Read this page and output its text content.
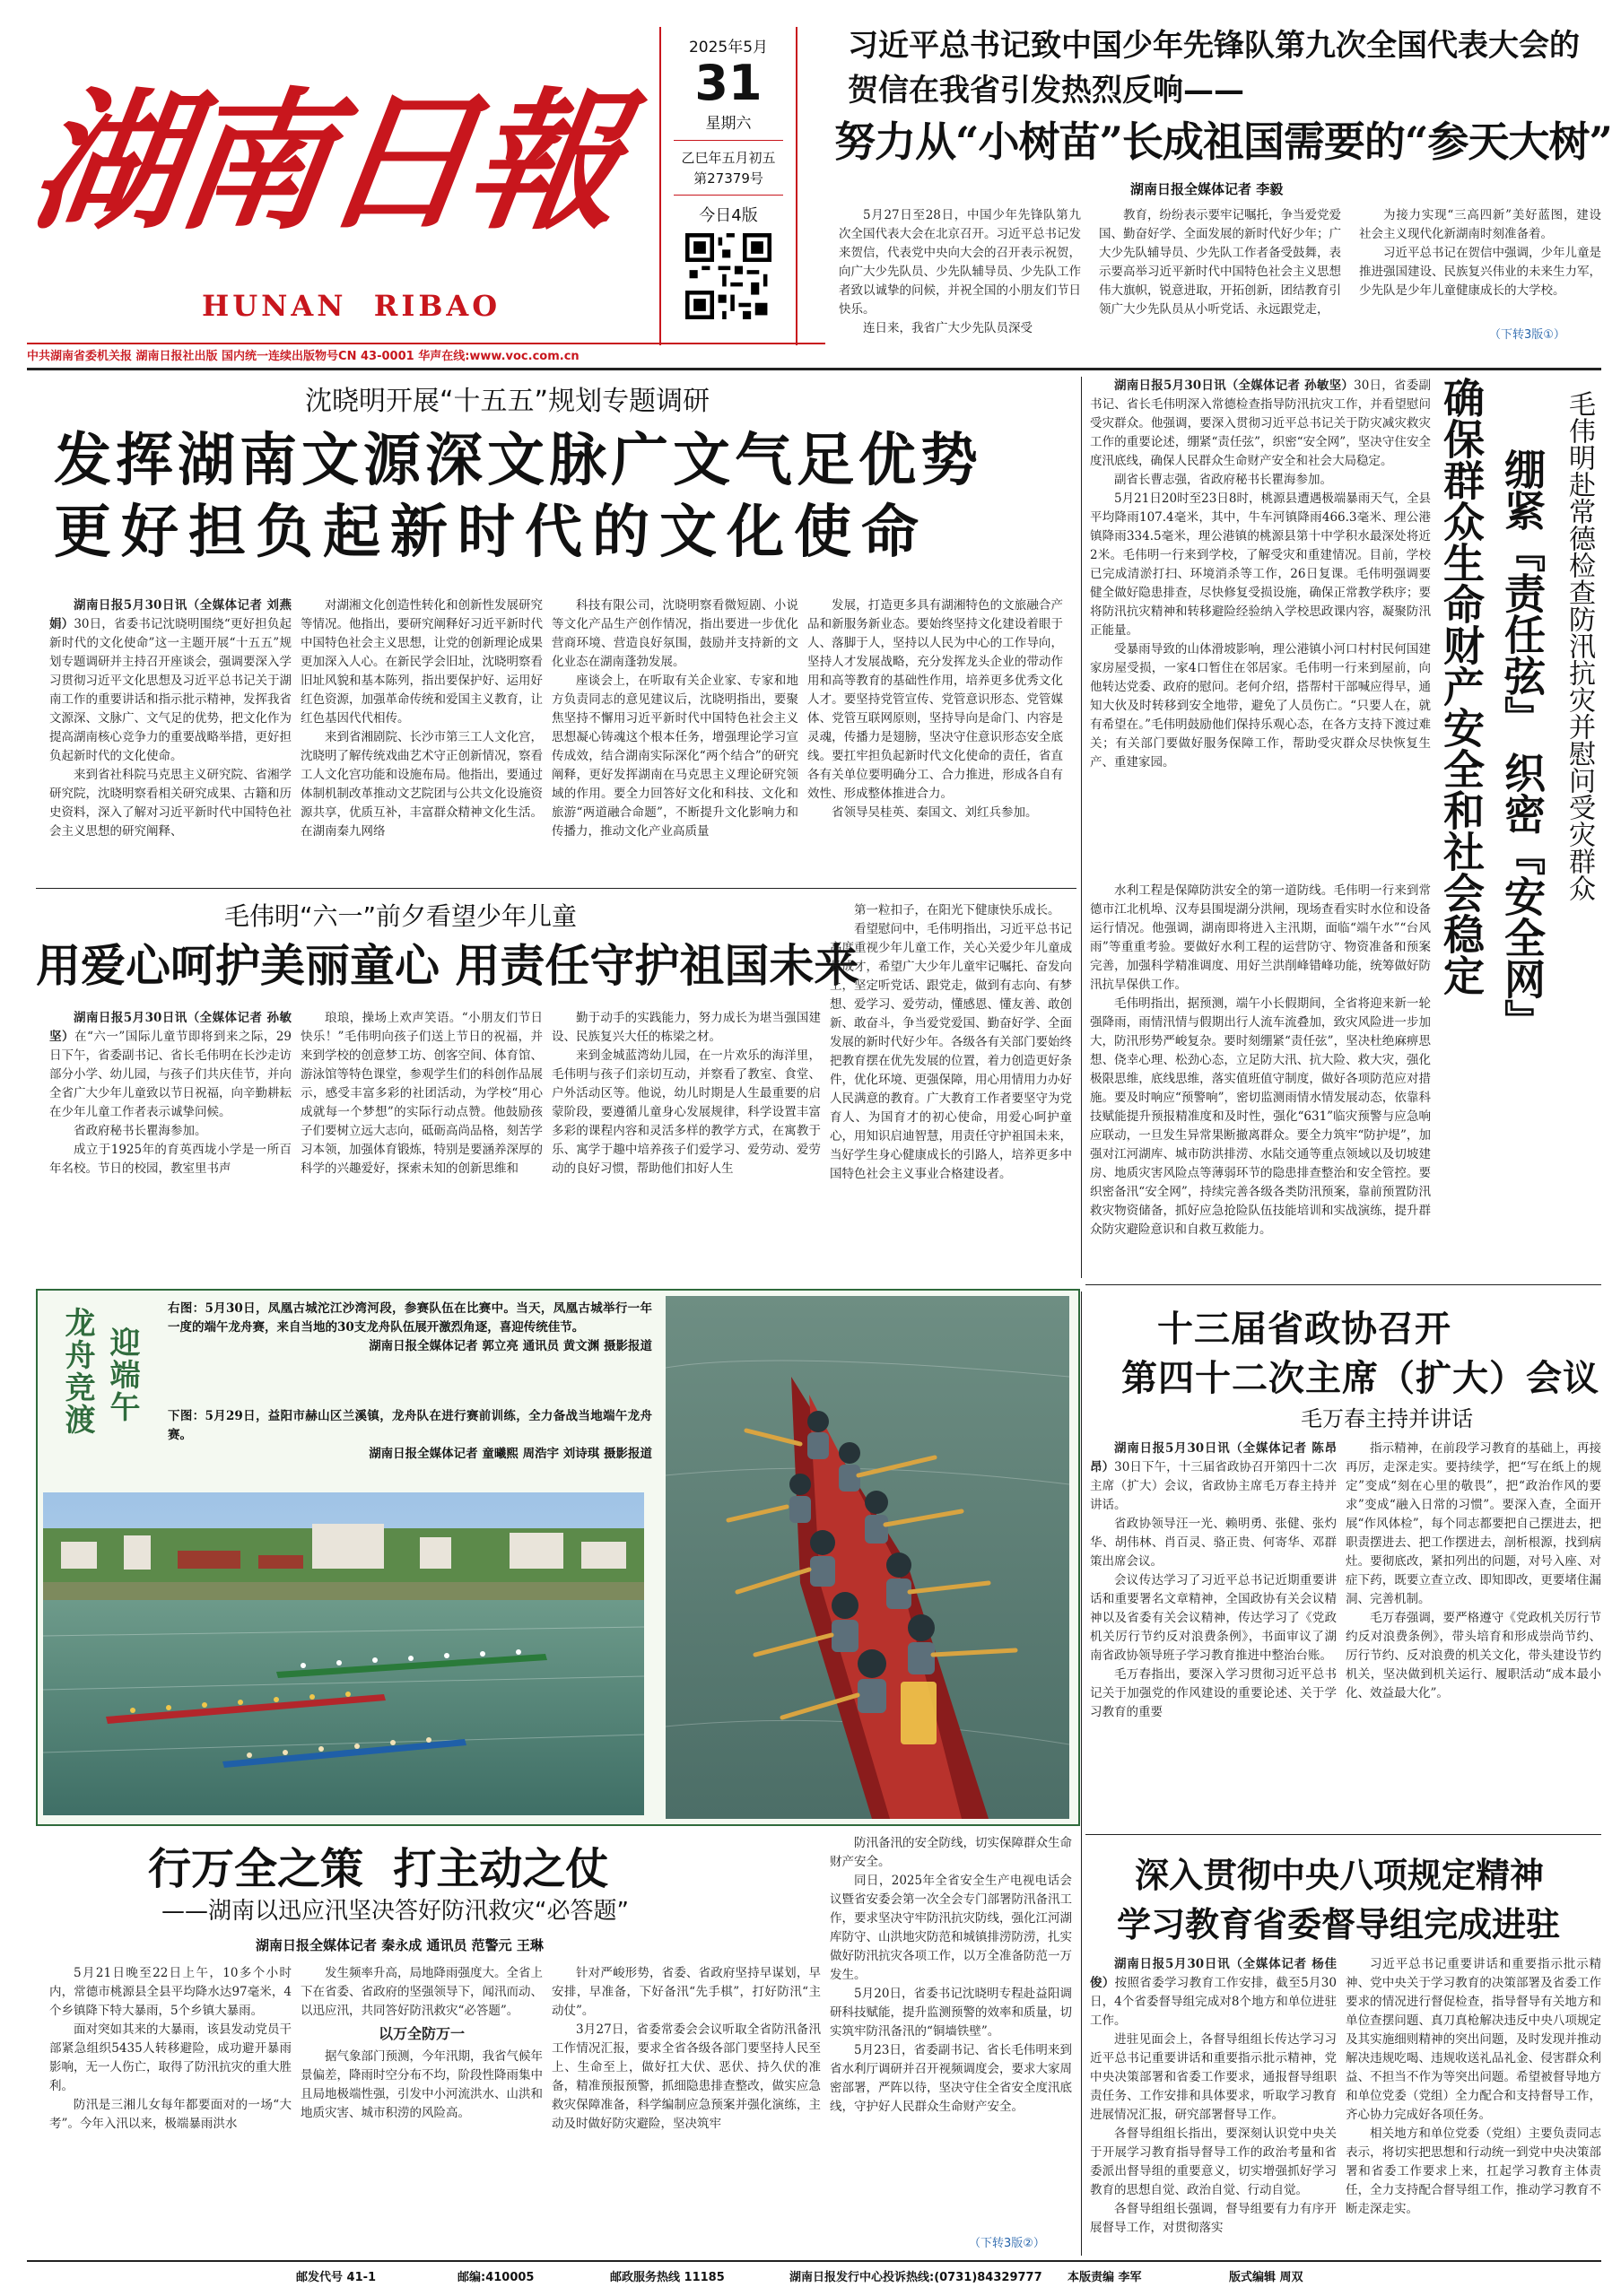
湖南日報
HUNAN  RIBAO
2025年5月
31
星期六
乙巳年五月初五
第27379号
今日4版
习近平总书记致中国少年先锋队第九次全国代表大会的贺信在我省引发热烈反响——
努力从“小树苗”长成祖国需要的“参天大树”
湖南日报全媒体记者 李毅

5月27日至28日，中国少年先锋队第九次全国代表大会在北京召开。习近平总书记发来贺信，代表党中央向大会的召开表示祝贺，向广大少先队员、少先队辅导员、少先队工作者致以诚挚的问候，并祝全国的小朋友们节日快乐。

连日来，我省广大少先队员深受

教育，纷纷表示要牢记嘱托，争当爱党爱国、勤奋好学、全面发展的新时代好少年；广大少先队辅导员、少先队工作者备受鼓舞，表示要高举习近平新时代中国特色社会主义思想伟大旗帜，锐意进取，开拓创新，团结教育引领广大少先队员从小听党话、永远跟党走，

为接力实现“三高四新”美好蓝图，建设社会主义现代化新湖南时刻准备着。

习近平总书记在贺信中强调，少年儿童是推进强国建设、民族复兴伟业的未来生力军，少先队是少年儿童健康成长的大学校。

（下转3版①）
中共湖南省委机关报 湖南日报社出版 国内统一连续出版物号CN 43-0001 华声在线:www.voc.com.cn
沈晓明开展“十五五”规划专题调研
发挥湖南文源深文脉广文气足优势
更好担负起新时代的文化使命

湖南日报5月30日讯（全媒体记者 刘燕娟）30日，省委书记沈晓明围绕“更好担负起新时代的文化使命”这一主题开展“十五五”规划专题调研并主持召开座谈会，强调要深入学习贯彻习近平文化思想及习近平总书记关于湖南工作的重要讲话和指示批示精神，发挥我省文源深、文脉广、文气足的优势，把文化作为提高湖南核心竞争力的重要战略举措，更好担负起新时代的文化使命。

来到省社科院马克思主义研究院、省湘学研究院，沈晓明察看相关研究成果、古籍和历史资料，深入了解对习近平新时代中国特色社会主义思想的研究阐释、

对湖湘文化创造性转化和创新性发展研究等情况。他指出，要研究阐释好习近平新时代中国特色社会主义思想，让党的创新理论成果更加深入人心。在新民学会旧址，沈晓明察看旧址风貌和基本陈列，指出要保护好、运用好红色资源，加强革命传统和爱国主义教育，让红色基因代代相传。

来到省湘剧院、长沙市第三工人文化宫，沈晓明了解传统戏曲艺术守正创新情况，察看工人文化宫功能和设施布局。他指出，要通过体制机制改革推动文艺院团与公共文化设施资源共享，优质互补，丰富群众精神文化生活。在湖南秦九网络

科技有限公司，沈晓明察看微短剧、小说等文化产品生产创作情况，指出要进一步优化营商环境、营造良好氛围，鼓励并支持新的文化业态在湖南蓬勃发展。

座谈会上，在听取有关企业家、专家和地方负责同志的意见建议后，沈晓明指出，要聚焦坚持不懈用习近平新时代中国特色社会主义思想凝心铸魂这个根本任务，增强理论学习宣传成效，结合湖南实际深化“两个结合”的研究阐释，更好发挥湖南在马克思主义理论研究领域的作用。要全力回答好文化和科技、文化和旅游“两道融合命题”，不断提升文化影响力和传播力，推动文化产业高质量

发展，打造更多具有湖湘特色的文旅融合产品和新服务新业态。要始终坚持文化建设着眼于人、落脚于人，坚持以人民为中心的工作导向，坚持人才发展战略，充分发挥龙头企业的带动作用和高等教育的基础性作用，培养更多优秀文化人才。要坚持党管宣传、党管意识形态、党管媒体、党管互联网原则，坚持导向是命门、内容是灵魂，传播力是翅膀，坚决守住意识形态安全底线。要扛牢担负起新时代文化使命的责任，省直各有关单位要明确分工、合力推进，形成各自有效性、形成整体推进合力。

省领导吴桂英、秦国文、刘红兵参加。

毛伟明“六一”前夕看望少年儿童
用爱心呵护美丽童心 用责任守护祖国未来

湖南日报5月30日讯（全媒体记者 孙敏坚）在“六一”国际儿童节即将到来之际，29日下午，省委副书记、省长毛伟明在长沙走访部分小学、幼儿园，与孩子们共庆佳节，并向全省广大少年儿童致以节日祝福，向辛勤耕耘在少年儿童工作者表示诚挚问候。

省政府秘书长瞿海参加。

成立于1925年的育英西垅小学是一所百年名校。节日的校园，教室里书声

琅琅，操场上欢声笑语。“小朋友们节日快乐！”毛伟明向孩子们送上节日的祝福，并来到学校的创意梦工坊、创客空间、体育馆、游泳馆等特色课堂，参观学生们的科创作品展示，感受丰富多彩的社团活动，为学校“用心成就每一个梦想”的实际行动点赞。他鼓励孩子们要树立远大志向，砥砺高尚品格，刻苦学习本领，加强体育锻炼，特别是要涵养深厚的科学的兴趣爱好，探索未知的创新思维和

勤于动手的实践能力，努力成长为堪当强国建设、民族复兴大任的栋梁之材。

来到金城蓝湾幼儿园，在一片欢乐的海洋里，毛伟明与孩子们亲切互动，并察看了教室、食堂、户外活动区等。他说，幼儿时期是人生最重要的启蒙阶段，要遵循儿童身心发展规律，科学设置丰富多彩的课程内容和灵活多样的教学方式，在寓教于乐、寓学于趣中培养孩子们爱学习、爱劳动、爱劳动的良好习惯，帮助他们扣好人生

第一粒扣子，在阳光下健康快乐成长。

看望慰问中，毛伟明指出，习近平总书记高度重视少年儿童工作，关心关爱少年儿童成长成才，希望广大少年儿童牢记嘱托、奋发向上，坚定听党话、跟党走，做到有志向、有梦想、爱学习、爱劳动，懂感恩、懂友善、敢创新、敢奋斗，争当爱党爱国、勤奋好学、全面发展的新时代好少年。各级各有关部门要始终把教育摆在优先发展的位置，着力创造更好条件，优化环境、更强保障，用心用情用力办好人民满意的教育。广大教育工作者要坚守为党育人、为国育才的初心使命，用爱心呵护童心，用知识启迪智慧，用责任守护祖国未来，当好学生身心健康成长的引路人，培养更多中国特色社会主义事业合格建设者。

湖南日报5月30日讯（全媒体记者 孙敏坚）30日，省委副书记、省长毛伟明深入常德检查指导防汛抗灾工作，并看望慰问受灾群众。他强调，要深入贯彻习近平总书记关于防灾减灾救灾工作的重要论述，绷紧“责任弦”，织密“安全网”，坚决守住安全度汛底线，确保人民群众生命财产安全和社会大局稳定。

副省长曹志强，省政府秘书长瞿海参加。

5月21日20时至23日8时，桃源县遭遇极端暴雨天气，全县平均降雨107.4毫米，其中，牛车河镇降雨466.3毫米、理公港镇降雨334.5毫米，理公港镇的桃源县第十中学积水最深处将近2米。毛伟明一行来到学校，了解受灾和重建情况。目前，学校已完成清淤打扫、环境消杀等工作，26日复课。毛伟明强调要健全做好隐患排查，尽快修复受损设施，确保正常教学秩序；要将防汛抗灾精神和转移避险经验纳入学校思政课内容，凝聚防汛正能量。

受暴雨导致的山体滑坡影响，理公港镇小河口村村民何国建家房屋受损，一家4口暂住在邻居家。毛伟明一行来到屋前，向他转达党委、政府的慰问。老何介绍，搭帮村干部喊应得早，通知大伙及时转移到安全地带，避免了人员伤亡。“只要人在，就有希望在。”毛伟明鼓励他们保持乐观心态，在各方支持下渡过难关；有关部门要做好服务保障工作，帮助受灾群众尽快恢复生产、重建家园。	毛伟明赴常德检查防汛抗灾并慰问受灾群众
绷紧『责任弦』 织密『安全网』
确保群众生命财产安全和社会稳定

水利工程是保障防洪安全的第一道防线。毛伟明一行来到常德市江北机埠、汉寿县围堤湖分洪闸，现场查看实时水位和设备运行情况。他强调，湖南即将进入主汛期，面临“端午水”“台风雨”等重重考验。要做好水利工程的运营防守、物资准备和预案完善，加强科学精准调度、用好兰洪削峰错峰功能，统筹做好防汛抗旱保供工作。

毛伟明指出，据预测，端午小长假期间，全省将迎来新一轮强降雨，雨情汛情与假期出行人流车流叠加，致灾风险进一步加大，防汛形势严峻复杂。要时刻绷紧“责任弦”，坚决杜绝麻痹思想、侥幸心理、松劲心态，立足防大汛、抗大险、救大灾，强化极限思维，底线思维，落实值班值守制度，做好各项防范应对措施。要及时响应“预警响”，密切监测雨情水情发展动态，依靠科技赋能提升预报精准度和及时性，强化“631”临灾预警与应急响应联动，一旦发生异常果断撤离群众。要全力筑牢“防护堤”，加强对江河湖库、城市防洪排涝、水陆交通等重点领域以及切坡建房、地质灾害风险点等薄弱环节的隐患排查整治和安全管控。要织密备汛“安全网”，持续完善各级各类防汛预案，靠前预置防汛救灾物资储备，抓好应急抢险队伍技能培训和实战演练，提升群众防灾避险意识和自救互救能力。

龙舟竞渡 迎端午
右图：5月30日，凤凰古城沱江沙湾河段，参赛队伍在比赛中。当天，凤凰古城举行一年一度的端午龙舟赛，来自当地的30支龙舟队伍展开激烈角逐，喜迎传统佳节。
湖南日报全媒体记者 郭立亮 通讯员 黄文渊 摄影报道
下图：5月29日，益阳市赫山区兰溪镇，龙舟队在进行赛前训练，全力备战当地端午龙舟赛。
湖南日报全媒体记者 童曦熙 周浩宇 刘诗琪 摄影报道
十三届省政协召开
第四十二次主席（扩大）会议
毛万春主持并讲话

湖南日报5月30日讯（全媒体记者 陈昂昂）30日下午，十三届省政协召开第四十二次主席（扩大）会议，省政协主席毛万春主持并讲话。

省政协领导汪一光、赖明勇、张健、张灼华、胡伟林、肖百灵、骆正贵、何寄华、邓群策出席会议。

会议传达学习了习近平总书记近期重要讲话和重要署名文章精神，全国政协有关会议精神以及省委有关会议精神，传达学习了《党政机关厉行节约反对浪费条例》，书面审议了湖南省政协领导班子学习教育推进中整治台账。

毛万春指出，要深入学习贯彻习近平总书记关于加强党的作风建设的重要论述、关于学习教育的重要

指示精神，在前段学习教育的基础上，再接再厉，走深走实。要持续学，把“写在纸上的规定”变成“刻在心里的敬畏”，把“政治作风的要求”变成“融入日常的习惯”。要深入查，全面开展“作风体检”，每个同志都要把自己摆进去，把职责摆进去、把工作摆进去，剖析根源，找到病灶。要彻底改，紧扣列出的问题，对号入座、对症下药，既要立查立改、即知即改，更要堵住漏洞、完善机制。

毛万春强调，要严格遵守《党政机关厉行节约反对浪费条例》，带头培育和形成崇尚节约、厉行节约、反对浪费的机关文化，带头建设节约机关，坚决做到机关运行、履职活动“成本最小化、效益最大化”。

深入贯彻中央八项规定精神
学习教育省委督导组完成进驻

湖南日报5月30日讯（全媒体记者 杨佳俊）按照省委学习教育工作安排，截至5月30日，4个省委督导组完成对8个地方和单位进驻工作。

进驻见面会上，各督导组组长传达学习习近平总书记重要讲话和重要指示批示精神，党中央决策部署和省委工作要求，通报督导组职责任务、工作安排和具体要求，听取学习教育进展情况汇报，研究部署督导工作。

各督导组组长指出，要深刻认识党中央关于开展学习教育指导督导工作的政治考量和省委派出督导组的重要意义，切实增强抓好学习教育的思想自觉、政治自觉、行动自觉。

各督导组组长强调，督导组要有力有序开展督导工作，对贯彻落实

习近平总书记重要讲话和重要指示批示精神、党中央关于学习教育的决策部署及省委工作要求的情况进行督促检查，指导督导有关地方和单位查摆问题、真刀真枪解决违反中央八项规定及其实施细则精神的突出问题，及时发现并推动解决违规吃喝、违规收送礼品礼金、侵害群众利益、不担当不作为等突出问题。希望被督导地方和单位党委（党组）全力配合和支持督导工作，齐心协力完成好各项任务。

相关地方和单位党委（党组）主要负责同志表示，将切实把思想和行动统一到党中央决策部署和省委工作要求上来，扛起学习教育主体责任，全力支持配合督导组工作，推动学习教育不断走深走实。

行万全之策  打主动之仗
——湖南以迅应汛坚决答好防汛救灾“必答题”
湖南日报全媒体记者 秦永成 通讯员 范警元 王琳

5月21日晚至22日上午，10多个小时内，常德市桃源县全县平均降水达97毫米，4个乡镇降下特大暴雨，5个乡镇大暴雨。

面对突如其来的大暴雨，该县发动党员干部紧急组织5435人转移避险，成功避开暴雨影响，无一人伤亡，取得了防汛抗灾的重大胜利。

防汛是三湘儿女每年都要面对的一场“大考”。今年入汛以来，极端暴雨洪水

发生频率升高，局地降雨强度大。全省上下在省委、省政府的坚强领导下，闻汛而动、以迅应汛，共同答好防汛救灾“必答题”。

以万全防万一

据气象部门预测，今年汛期，我省气候年景偏差，降雨时空分布不均，阶段性降雨集中且局地极端性强，引发中小河流洪水、山洪和地质灾害、城市积涝的风险高。

针对严峻形势，省委、省政府坚持早谋划，早安排，早准备，下好备汛“先手棋”，打好防汛“主动仗”。

3月27日，省委常委会会议听取全省防汛备汛工作情况汇报，要求全省各级各部门要坚持人民至上、生命至上，做好扛大伏、恶伏、持久伏的准备，精准预报预警，抓细隐患排查整改，做实应急救灾保障准备，科学编制应急预案并强化演练，主动及时做好防灾避险，坚决筑牢

防汛备汛的安全防线，切实保障群众生命财产安全。

同日，2025年全省安全生产电视电话会议暨省安委会第一次全会专门部署防汛备汛工作，要求坚决守牢防汛抗灾防线，强化江河湖库防守、山洪地灾防范和城镇排涝防涝，扎实做好防汛抗灾各项工作，以万全准备防范一万发生。

5月20日，省委书记沈晓明专程赴益阳调研科技赋能，提升监测预警的效率和质量，切实筑牢防汛备汛的“铜墙铁壁”。

5月23日，省委副书记、省长毛伟明来到省水利厅调研并召开视频调度会，要求大家周密部署，严阵以待，坚决守住全省安全度汛底线，守护好人民群众生命财产安全。

（下转3版②）
邮发代号 41-1	邮编:410005	邮政服务热线 11185	湖南日报发行中心投诉热线:(0731)84329777 本版责编 李军	版式编辑 周双
